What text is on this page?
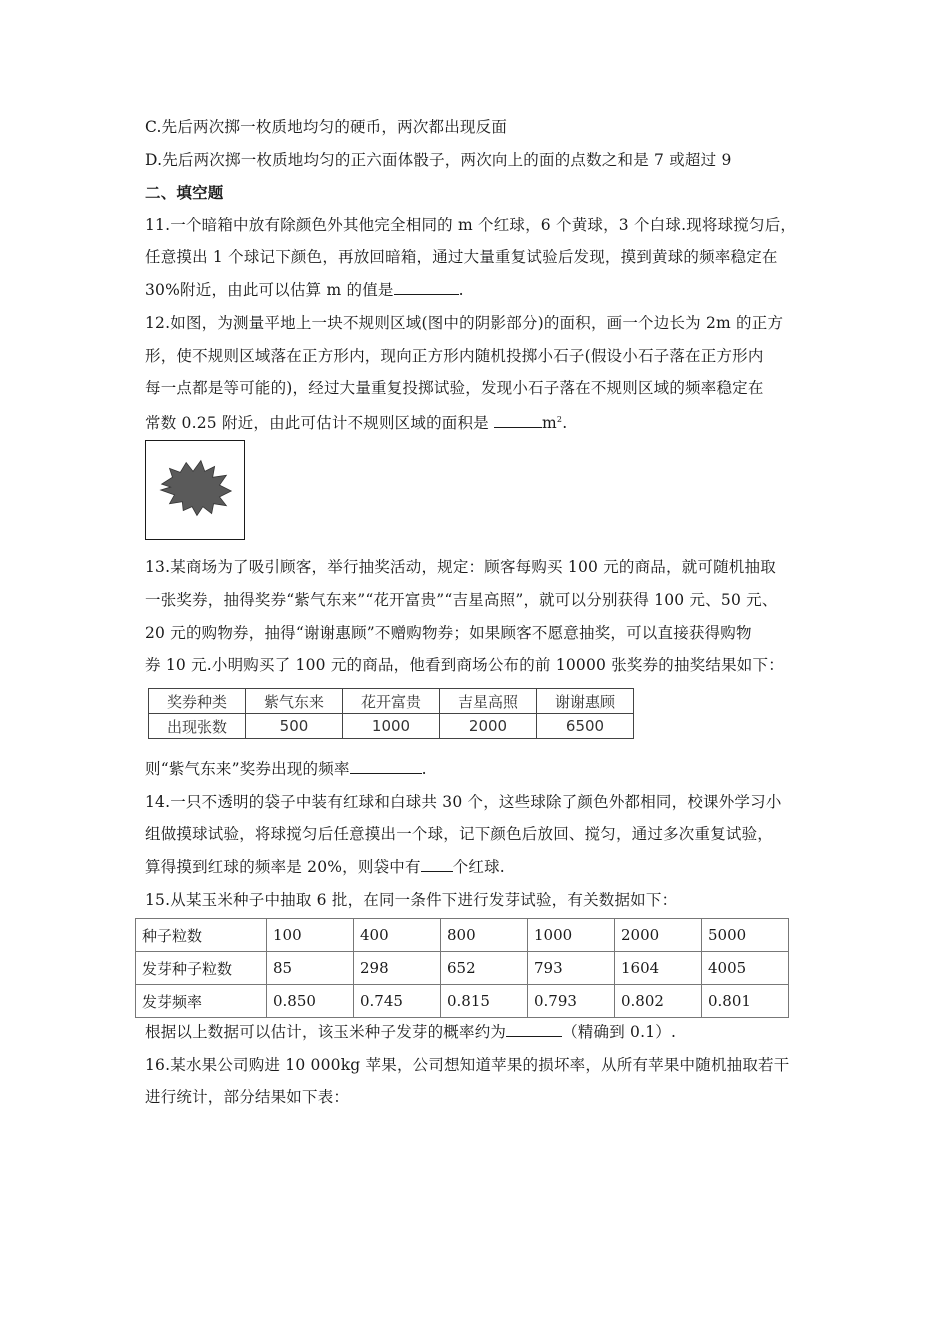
C.先后两次掷一枚质地均匀的硬币，两次都出现反面
D.先后两次掷一枚质地均匀的正六面体骰子，两次向上的面的点数之和是 7 或超过 9
二、填空题
11.一个暗箱中放有除颜色外其他完全相同的 m 个红球，6 个黄球，3 个白球.现将球搅匀后，
任意摸出 1 个球记下颜色，再放回暗箱，通过大量重复试验后发现，摸到黄球的频率稳定在
30%附近，由此可以估算 m 的值是	.
12.如图，为测量平地上一块不规则区域(图中的阴影部分)的面积，画一个边长为 2m 的正方
形，使不规则区域落在正方形内，现向正方形内随机投掷小石子(假设小石子落在正方形内
每一点都是等可能的)，经过大量重复投掷试验，发现小石子落在不规则区域的频率稳定在
常数 0.25 附近，由此可估计不规则区域的面积是	$m^2$.
13.某商场为了吸引顾客，举行抽奖活动，规定：顾客每购买 100 元的商品，就可随机抽取
一张奖券，抽得奖券“紫气东来”“花开富贵”“吉星高照”，就可以分别获得 100 元、50 元、
20 元的购物券，抽得“谢谢惠顾”不赠购物券；如果顾客不愿意抽奖，可以直接获得购物
券 10 元.小明购买了 100 元的商品，他看到商场公布的前 10000 张奖券的抽奖结果如下：
奖券种类	紫气东来	花开富贵	吉星高照	谢谢惠顾
出现张数	500	1000	2000	6500
则“紫气东来”奖券出现的频率	.
14.一只不透明的袋子中装有红球和白球共 30 个，这些球除了颜色外都相同，校课外学习小
组做摸球试验，将球搅匀后任意摸出一个球，记下颜色后放回、搅匀，通过多次重复试验，
算得摸到红球的频率是 20%，则袋中有 个红球.
15.从某玉米种子中抽取 6 批，在同一条件下进行发芽试验，有关数据如下：
种子粒数	100	400	800	1000	2000	5000
发芽种子粒数	85	298	652	793	1604	4005
发芽频率	0.850	0.745	0.815	0.793	0.802	0.801
根据以上数据可以估计，该玉米种子发芽的概率约为	（精确到 0.1）.
16.某水果公司购进 10 000kg 苹果，公司想知道苹果的损坏率，从所有苹果中随机抽取若干
进行统计，部分结果如下表：
